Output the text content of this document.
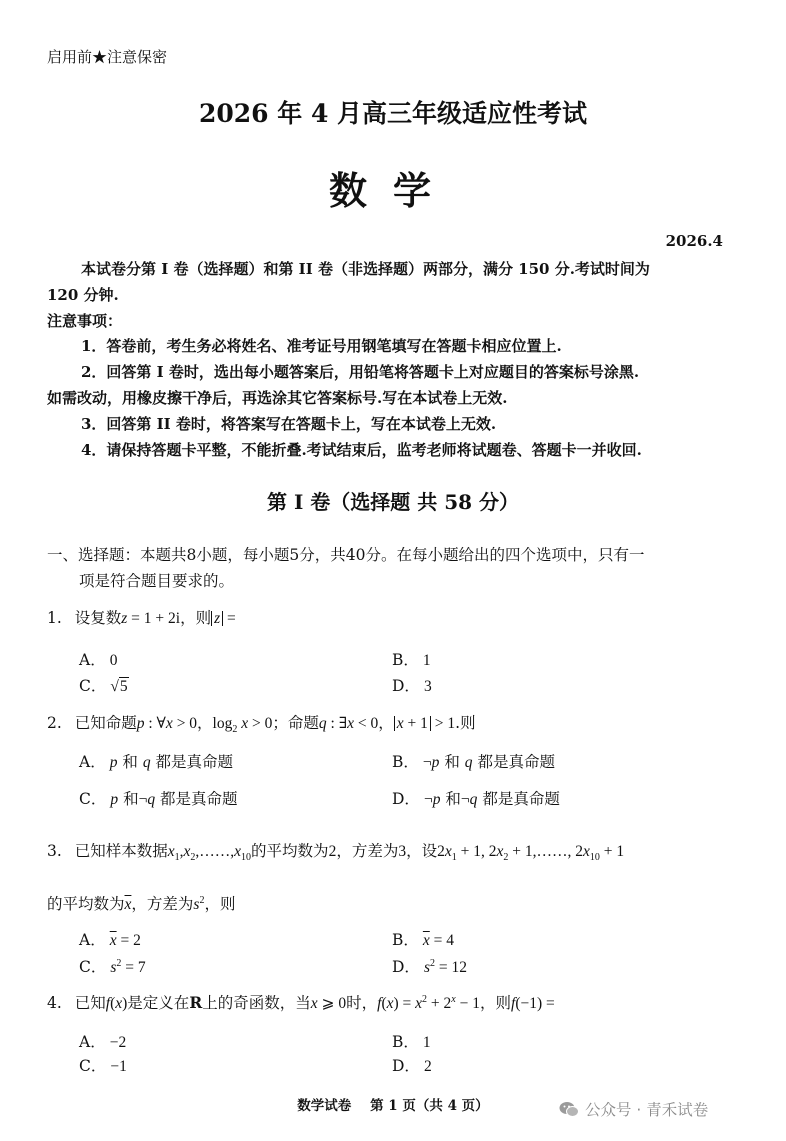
启用前★注意保密
2026 年 4 月高三年级适应性考试
数学
2026.4
本试卷分第 I 卷（选择题）和第 II 卷（非选择题）两部分，满分 150 分.考试时间为
120 分钟.
注意事项：
1．答卷前，考生务必将姓名、准考证号用钢笔填写在答题卡相应位置上.
2．回答第 I 卷时，选出每小题答案后，用铅笔将答题卡上对应题目的答案标号涂黑.
如需改动，用橡皮擦干净后，再选涂其它答案标号.写在本试卷上无效.
3．回答第 II 卷时，将答案写在答题卡上，写在本试卷上无效.
4．请保持答题卡平整，不能折叠.考试结束后，监考老师将试题卷、答题卡一并收回.
第 I 卷（选择题 共 58 分）
一、选择题：本题共8小题，每小题5分，共40分。在每小题给出的四个选项中，只有一
项是符合题目要求的。
1. 设复数z = 1 + 2i，则 z =
A． 0	B． 1
C． √5	D． 3
2. 已知命题p : ∀x > 0，$\log_2 x > 0$；命题q : ∃x < 0， x + 1 > 1.则
A． p 和 q 都是真命题	B． ¬p 和 q 都是真命题
C． p 和¬q 都是真命题	D． ¬p 和¬q 都是真命题
3. 已知样本数据$x_1,x_2,\dots\dots,x_{10}$的平均数为2，方差为3，设$2x_1 + 1$, $2x_2$ + 1,……, $2x_{10} + 1$
的平均数为$\overline{x}$，方差为$s^2$，则
A． $\overline{x} = 2$	B． $\overline{x} = 4$
C． $s^2 = 7$	D． $s^2 = 12$
4. 已知f(x)是定义在R上的奇函数，当x ⩾ 0时，$f(x) = x^2 + 2^x - 1$，则f(−1) =
A． −2	B． 1
C． −1	D． 2
数学试卷    第 1 页（共 4 页）	公众号 · 青禾试卷
